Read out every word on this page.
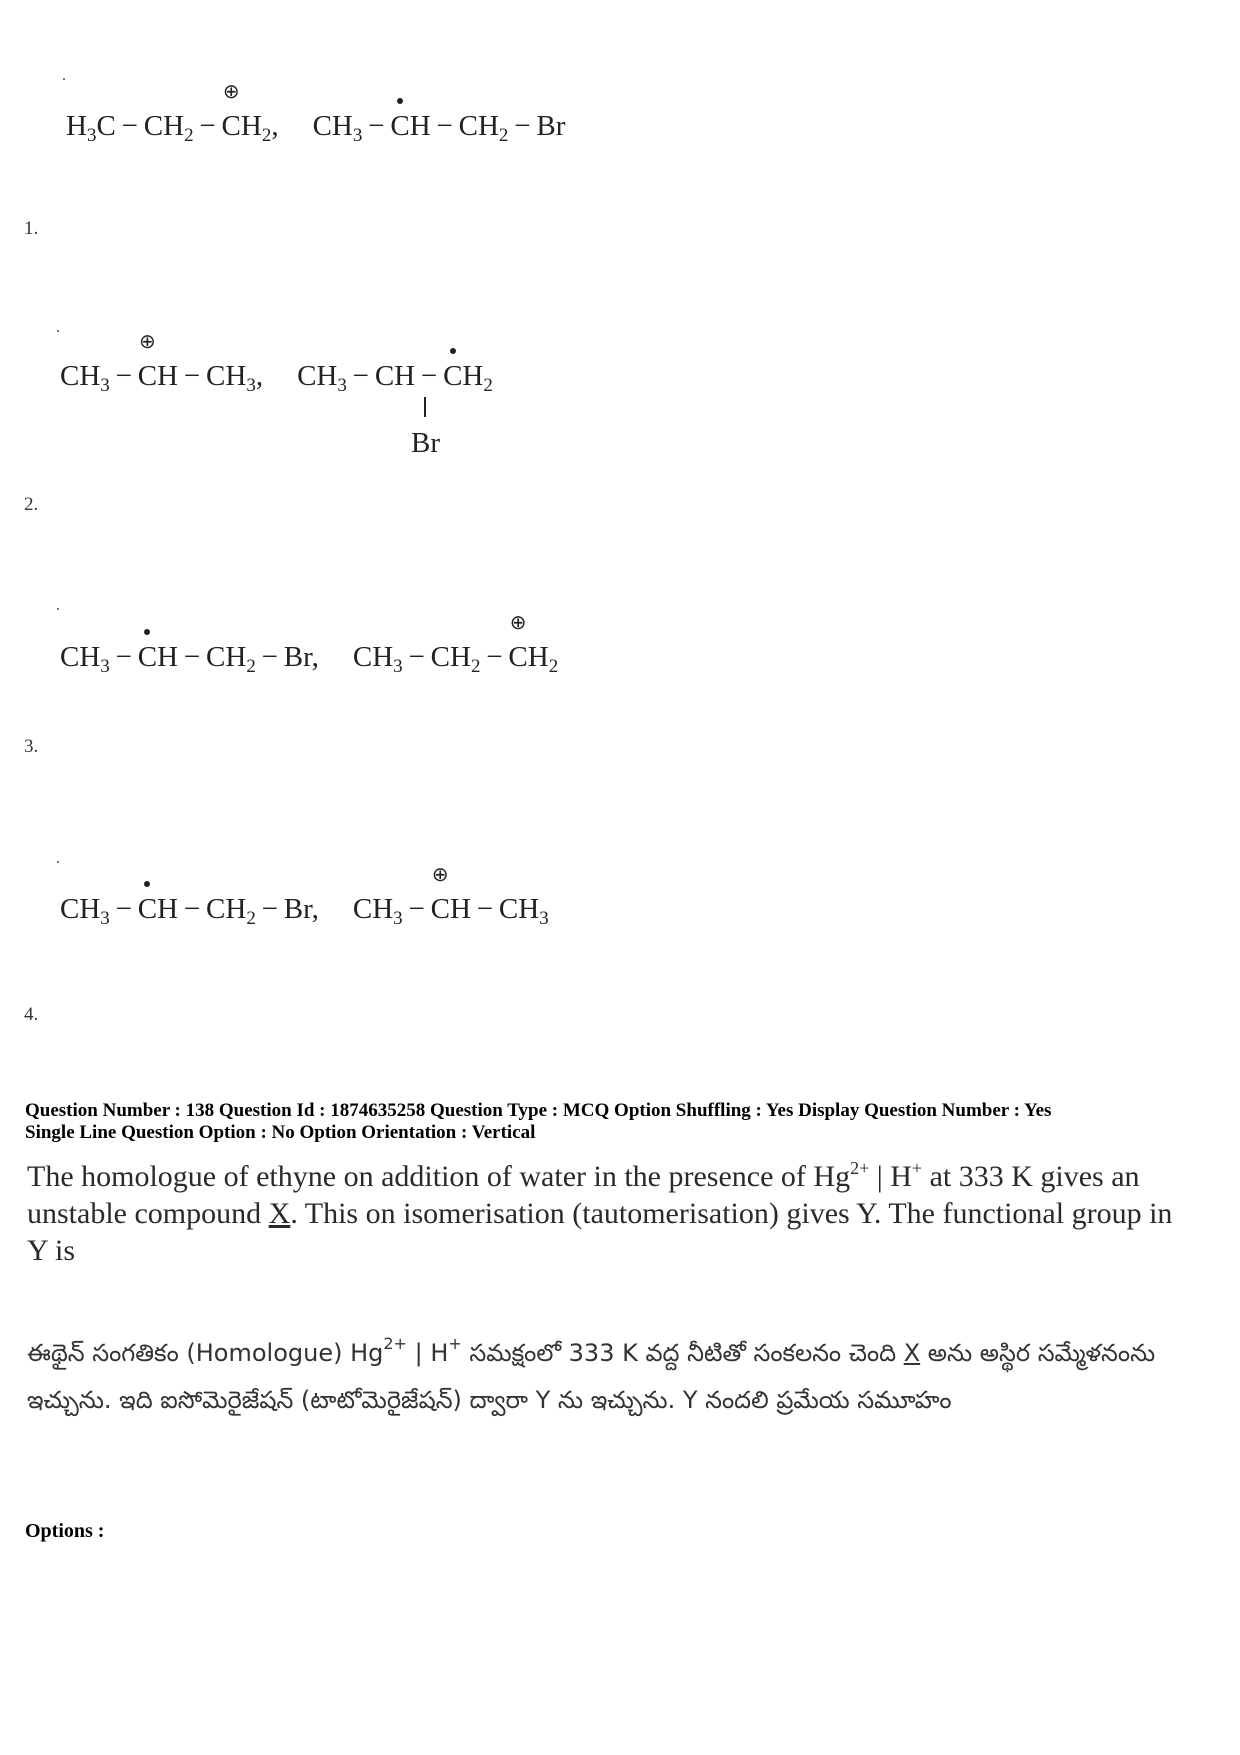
$H_3C - CH_2 - C$
⊕
$H_2$, $CH_3 - C$
$H - CH_2 - Br$
1.
$CH_3 - C$
⊕
$H - CH_3$, $CH_3$ − CH − C
$H_2$
Br
2.
$CH_3 - C$
$H - CH_2 - Br$, $CH_3 - CH_2 - C$
⊕
$H_2$
3.
$CH_3 - C$
$H - CH_2 - Br$, $CH_3 - C$
⊕
$H - CH_3$
4.
Question Number : 138 Question Id : 1874635258 Question Type : MCQ Option Shuffling : Yes Display Question Number : Yes
Single Line Question Option : No Option Orientation : Vertical
The homologue of ethyne on addition of water in the presence of $Hg^{2+}$ | H+ at 333 K gives an unstable compound X. This on isomerisation (tautomerisation) gives Y. The functional group in Y is
ఈథైన్ సంగతికం (Homologue) $Hg^{2+}$ | H+ సమక్షంలో 333 K వద్ద నీటితో సంకలనం చెంది X అను అస్థిర సమ్మేళనంను ఇచ్చును. ఇది ఐసోమెరైజేషన్ (టాటోమెరైజేషన్) ద్వారా Y ను ఇచ్చును. Y నందలి ప్రమేయ సమూహం
Options :
